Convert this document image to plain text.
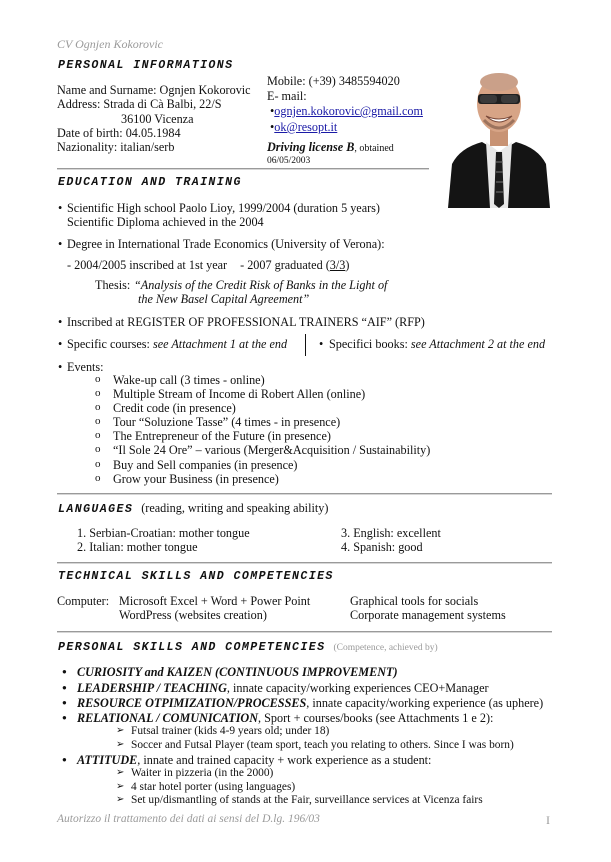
CV Ognjen Kokorovic
PERSONAL INFORMATIONS
Name and Surname: Ognjen Kokorovic
Address: Strada di Cà Balbi, 22/S
36100 Vicenza
Date of birth: 04.05.1984
Nazionality: italian/serb
Mobile: (+39) 3485594020
E- mail:
•ognjen.kokorovic@gmail.com
•ok@resopt.it
Driving license B, obtained
06/05/2003
EDUCATION AND TRAINING
• Scientific High school Paolo Lioy, 1999/2004 (duration 5 years)
Scientific Diploma achieved in the 2004
• Degree in International Trade Economics (University of Verona):
- 2004/2005 inscribed at 1st year - 2007 graduated (3/3)
Thesis: “Analysis of the Credit Risk of Banks in the Light of
the New Basel Capital Agreement”
• Inscribed at REGISTER OF PROFESSIONAL TRAINERS “AIF” (RFP)
• Specific courses: see Attachment 1 at the end	• Specifici books: see Attachment 2 at the end
• Events:
o Wake-up call (3 times - online)
o Multiple Stream of Income di Robert Allen (online)
o Credit code (in presence)
o Tour “Soluzione Tasse” (4 times - in presence)
o The Entrepreneur of the Future (in presence)
o “Il Sole 24 Ore” – various (Merger&Acquisition / Sustainability)
o Buy and Sell companies (in presence)
o Grow your Business (in presence)
LANGUAGES (reading, writing and speaking ability)
1. Serbian-Croatian: mother tongue
2. Italian: mother tongue
3. English: excellent
4. Spanish: good
TECHNICAL SKILLS AND COMPETENCIES
Computer: Microsoft Excel + Word + Power Point
WordPress (websites creation)
Graphical tools for socials
Corporate management systems
PERSONAL SKILLS AND COMPETENCIES (Competence, achieved by)
● CURIOSITY and KAIZEN (CONTINUOUS IMPROVEMENT)
● LEADERSHIP / TEACHING, innate capacity/working experiences CEO+Manager
● RESOURCE OTPIMIZATION/PROCESSES, innate capacity/working experience (as uphere)
● RELATIONAL / COMUNICATION, Sport + courses/books (see Attachments 1 e 2):
➢ Futsal trainer (kids 4-9 years old; under 18)
➢ Soccer and Futsal Player (team sport, teach you relating to others. Since I was born)
● ATTITUDE, innate and trained capacity + work experience as a student:
➢ Waiter in pizzeria (in the 2000)
➢ 4 star hotel porter (using languages)
➢ Set up/dismantling of stands at the Fair, surveillance services at Vicenza fairs
Autorizzo il trattamento dei dati ai sensi del D.lg. 196/03	I
